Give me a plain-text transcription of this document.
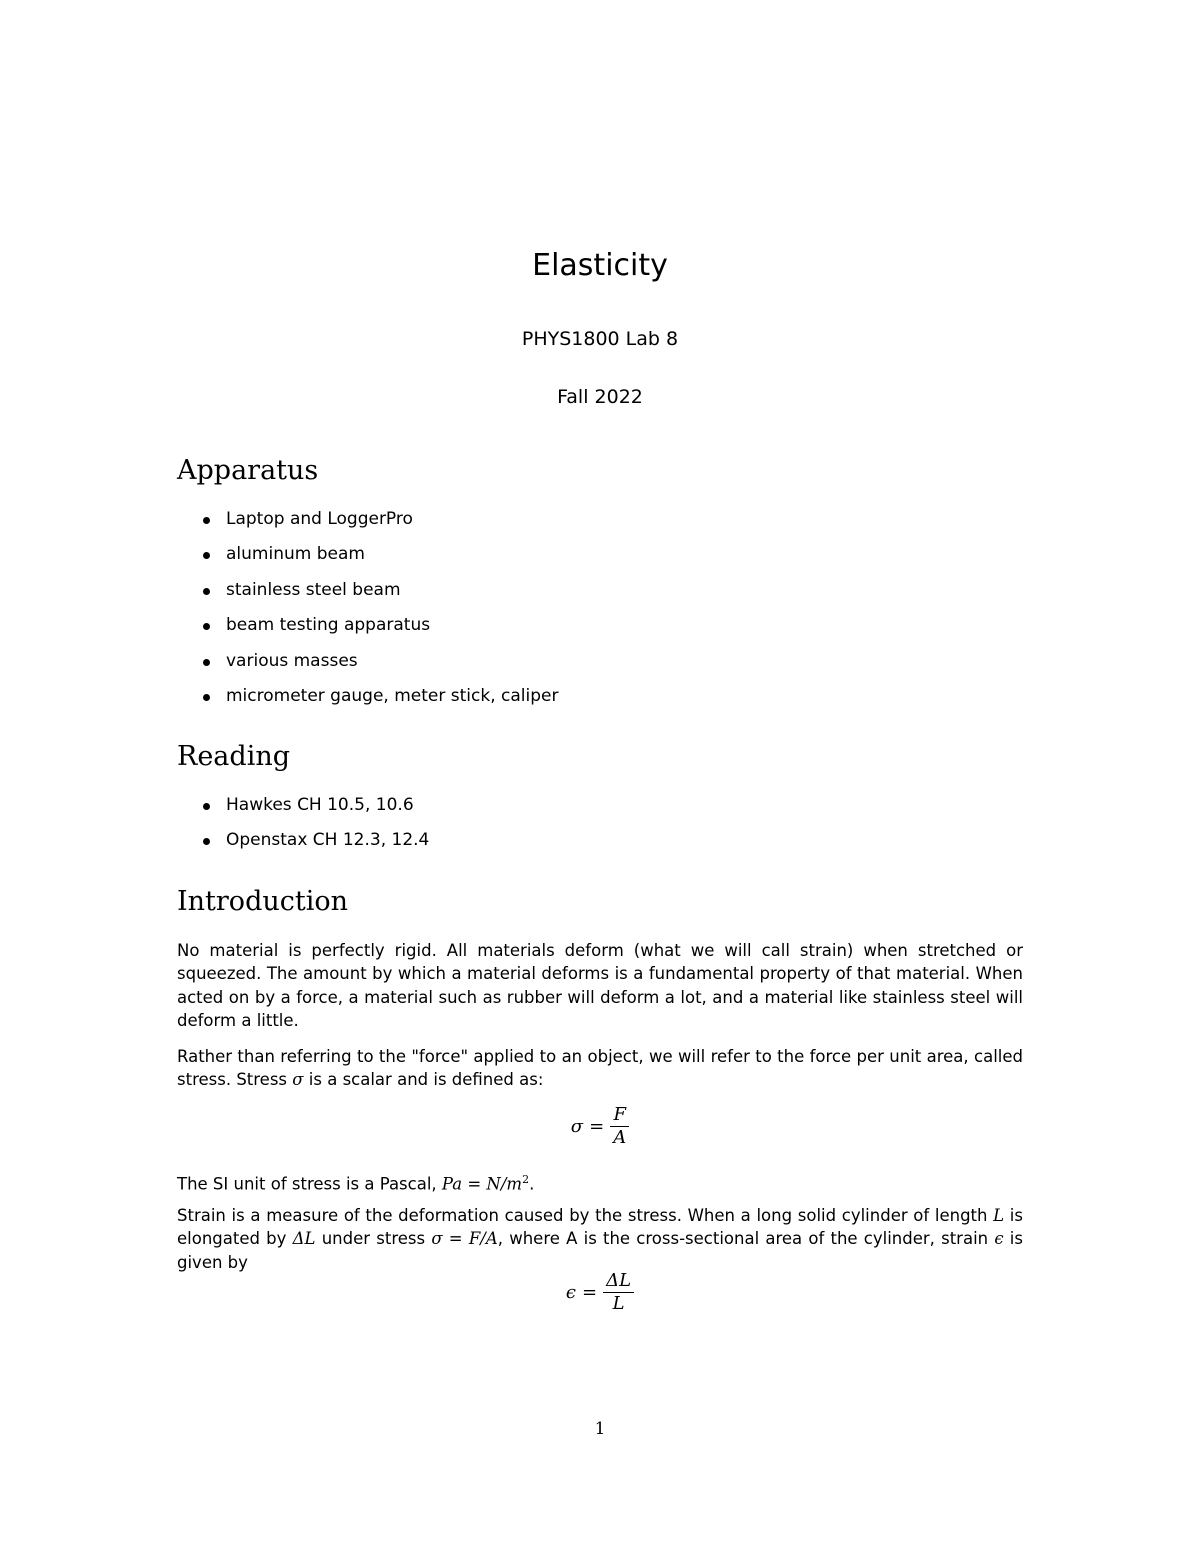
Elasticity
PHYS1800 Lab 8
Fall 2022
Apparatus
Laptop and LoggerPro
aluminum beam
stainless steel beam
beam testing apparatus
various masses
micrometer gauge, meter stick, caliper
Reading
Hawkes CH 10.5, 10.6
Openstax CH 12.3, 12.4
Introduction

No material is perfectly rigid. All materials deform (what we will call strain) when stretched or squeezed. The amount by which a material deforms is a fundamental property of that material. When acted on by a force, a material such as rubber will deform a lot, and a material like stainless steel will deform a little.

Rather than referring to the "force" applied to an object, we will refer to the force per unit area, called stress. Stress σ is a scalar and is defined as:

$\sigma = \frac{F}{A}$

The SI unit of stress is a Pascal, $Pa = N/m^2$.

Strain is a measure of the deformation caused by the stress. When a long solid cylinder of length L is elongated by ΔL under stress σ = F/A, where A is the cross-sectional area of the cylinder, strain ϵ is given by

$\epsilon = \frac{\Delta L}{L}$
1
